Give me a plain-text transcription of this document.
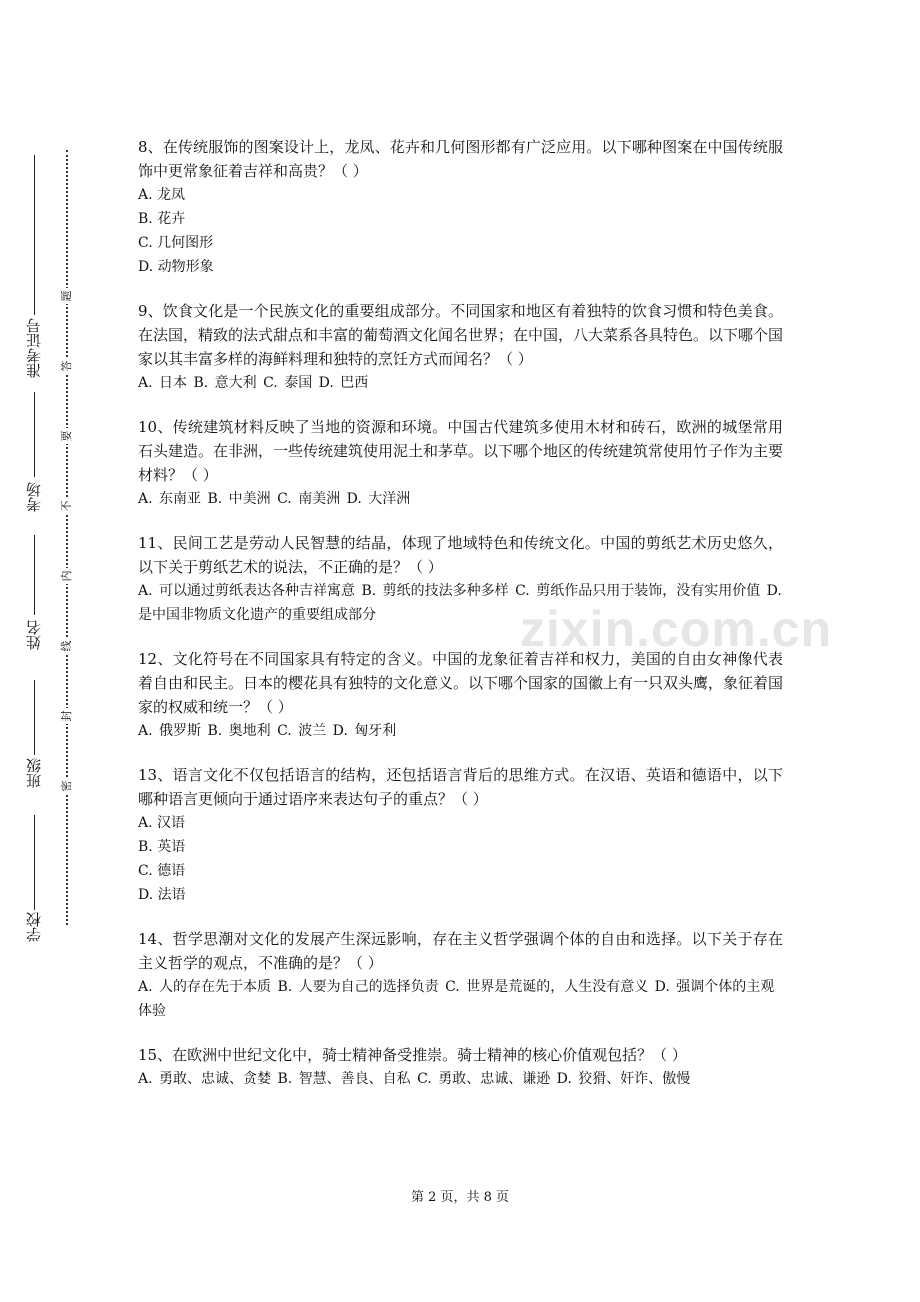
准考证号
考场
姓名
班级
学校
题
答
要
不
内
线
封
密
zixin.com.cn

8、在传统服饰的图案设计上，龙凤、花卉和几何图形都有广泛应用。以下哪种图案在中国传统服饰中更常象征着吉祥和高贵？（ ）

A. 龙凤

B. 花卉

C. 几何图形

D. 动物形象

9、饮食文化是一个民族文化的重要组成部分。不同国家和地区有着独特的饮食习惯和特色美食。在法国，精致的法式甜点和丰富的葡萄酒文化闻名世界；在中国，八大菜系各具特色。以下哪个国家以其丰富多样的海鲜料理和独特的烹饪方式而闻名？（ ）

A. 日本 B. 意大利 C. 泰国 D. 巴西

10、传统建筑材料反映了当地的资源和环境。中国古代建筑多使用木材和砖石，欧洲的城堡常用石头建造。在非洲，一些传统建筑使用泥土和茅草。以下哪个地区的传统建筑常使用竹子作为主要材料？（ ）

A. 东南亚 B. 中美洲 C. 南美洲 D. 大洋洲

11、民间工艺是劳动人民智慧的结晶，体现了地域特色和传统文化。中国的剪纸艺术历史悠久，以下关于剪纸艺术的说法，不正确的是？（ ）

A. 可以通过剪纸表达各种吉祥寓意 B. 剪纸的技法多种多样 C. 剪纸作品只用于装饰，没有实用价值 D. 是中国非物质文化遗产的重要组成部分

12、文化符号在不同国家具有特定的含义。中国的龙象征着吉祥和权力，美国的自由女神像代表着自由和民主。日本的樱花具有独特的文化意义。以下哪个国家的国徽上有一只双头鹰，象征着国家的权威和统一？（ ）

A. 俄罗斯 B. 奥地利 C. 波兰 D. 匈牙利

13、语言文化不仅包括语言的结构，还包括语言背后的思维方式。在汉语、英语和德语中，以下哪种语言更倾向于通过语序来表达句子的重点？（ ）

A. 汉语

B. 英语

C. 德语

D. 法语

14、哲学思潮对文化的发展产生深远影响，存在主义哲学强调个体的自由和选择。以下关于存在主义哲学的观点，不准确的是？（ ）

A. 人的存在先于本质 B. 人要为自己的选择负责 C. 世界是荒诞的，人生没有意义 D. 强调个体的主观体验

15、在欧洲中世纪文化中，骑士精神备受推崇。骑士精神的核心价值观包括？（ ）

A. 勇敢、忠诚、贪婪 B. 智慧、善良、自私 C. 勇敢、忠诚、谦逊 D. 狡猾、奸诈、傲慢

第 2 页，共 8 页
